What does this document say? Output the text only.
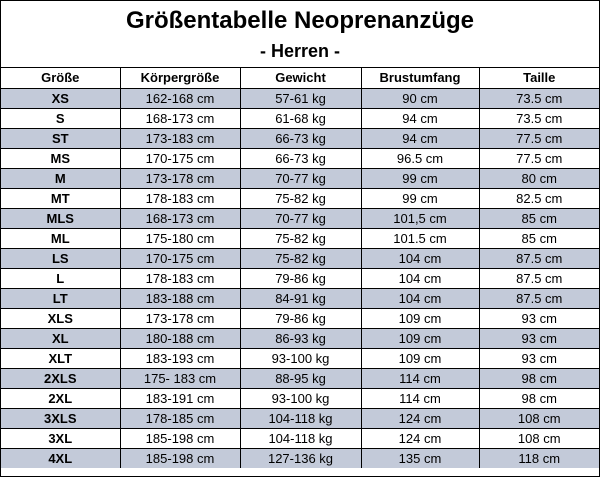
Größentabelle Neoprenanzüge
- Herren -
Größe	Körpergröße	Gewicht	Brustumfang	Taille
XS	162-168 cm	57-61 kg	90 cm	73.5 cm
S	168-173 cm	61-68 kg	94 cm	73.5 cm
ST	173-183 cm	66-73 kg	94 cm	77.5 cm
MS	170-175 cm	66-73 kg	96.5 cm	77.5 cm
M	173-178 cm	70-77 kg	99 cm	80 cm
MT	178-183 cm	75-82 kg	99 cm	82.5 cm
MLS	168-173 cm	70-77 kg	101,5 cm	85 cm
ML	175-180 cm	75-82 kg	101.5 cm	85 cm
LS	170-175 cm	75-82 kg	104 cm	87.5 cm
L	178-183 cm	79-86 kg	104 cm	87.5 cm
LT	183-188 cm	84-91 kg	104 cm	87.5 cm
XLS	173-178 cm	79-86 kg	109 cm	93 cm
XL	180-188 cm	86-93 kg	109 cm	93 cm
XLT	183-193 cm	93-100 kg	109 cm	93 cm
2XLS	175- 183 cm	88-95 kg	114 cm	98 cm
2XL	183-191 cm	93-100 kg	114 cm	98 cm
3XLS	178-185 cm	104-118 kg	124 cm	108 cm
3XL	185-198 cm	104-118 kg	124 cm	108 cm
4XL	185-198 cm	127-136 kg	135 cm	118 cm
